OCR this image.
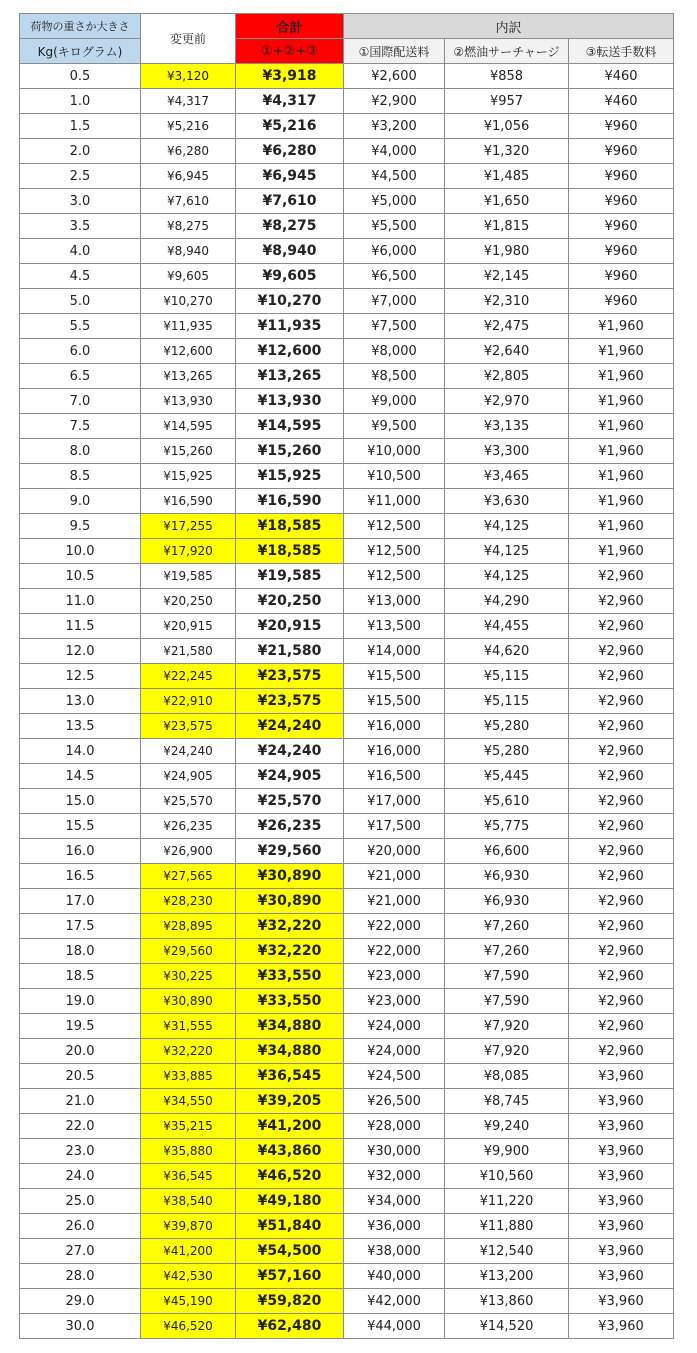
荷物の重さか大きさ	変更前	合計	内訳		
Kg(キログラム)		①+②+③	①国際配送料	②燃油サーチャージ	③転送手数料
0.5	¥3,120	¥3,918	¥2,600	¥858	¥460
1.0	¥4,317	¥4,317	¥2,900	¥957	¥460
1.5	¥5,216	¥5,216	¥3,200	¥1,056	¥960
2.0	¥6,280	¥6,280	¥4,000	¥1,320	¥960
2.5	¥6,945	¥6,945	¥4,500	¥1,485	¥960
3.0	¥7,610	¥7,610	¥5,000	¥1,650	¥960
3.5	¥8,275	¥8,275	¥5,500	¥1,815	¥960
4.0	¥8,940	¥8,940	¥6,000	¥1,980	¥960
4.5	¥9,605	¥9,605	¥6,500	¥2,145	¥960
5.0	¥10,270	¥10,270	¥7,000	¥2,310	¥960
5.5	¥11,935	¥11,935	¥7,500	¥2,475	¥1,960
6.0	¥12,600	¥12,600	¥8,000	¥2,640	¥1,960
6.5	¥13,265	¥13,265	¥8,500	¥2,805	¥1,960
7.0	¥13,930	¥13,930	¥9,000	¥2,970	¥1,960
7.5	¥14,595	¥14,595	¥9,500	¥3,135	¥1,960
8.0	¥15,260	¥15,260	¥10,000	¥3,300	¥1,960
8.5	¥15,925	¥15,925	¥10,500	¥3,465	¥1,960
9.0	¥16,590	¥16,590	¥11,000	¥3,630	¥1,960
9.5	¥17,255	¥18,585	¥12,500	¥4,125	¥1,960
10.0	¥17,920	¥18,585	¥12,500	¥4,125	¥1,960
10.5	¥19,585	¥19,585	¥12,500	¥4,125	¥2,960
11.0	¥20,250	¥20,250	¥13,000	¥4,290	¥2,960
11.5	¥20,915	¥20,915	¥13,500	¥4,455	¥2,960
12.0	¥21,580	¥21,580	¥14,000	¥4,620	¥2,960
12.5	¥22,245	¥23,575	¥15,500	¥5,115	¥2,960
13.0	¥22,910	¥23,575	¥15,500	¥5,115	¥2,960
13.5	¥23,575	¥24,240	¥16,000	¥5,280	¥2,960
14.0	¥24,240	¥24,240	¥16,000	¥5,280	¥2,960
14.5	¥24,905	¥24,905	¥16,500	¥5,445	¥2,960
15.0	¥25,570	¥25,570	¥17,000	¥5,610	¥2,960
15.5	¥26,235	¥26,235	¥17,500	¥5,775	¥2,960
16.0	¥26,900	¥29,560	¥20,000	¥6,600	¥2,960
16.5	¥27,565	¥30,890	¥21,000	¥6,930	¥2,960
17.0	¥28,230	¥30,890	¥21,000	¥6,930	¥2,960
17.5	¥28,895	¥32,220	¥22,000	¥7,260	¥2,960
18.0	¥29,560	¥32,220	¥22,000	¥7,260	¥2,960
18.5	¥30,225	¥33,550	¥23,000	¥7,590	¥2,960
19.0	¥30,890	¥33,550	¥23,000	¥7,590	¥2,960
19.5	¥31,555	¥34,880	¥24,000	¥7,920	¥2,960
20.0	¥32,220	¥34,880	¥24,000	¥7,920	¥2,960
20.5	¥33,885	¥36,545	¥24,500	¥8,085	¥3,960
21.0	¥34,550	¥39,205	¥26,500	¥8,745	¥3,960
22.0	¥35,215	¥41,200	¥28,000	¥9,240	¥3,960
23.0	¥35,880	¥43,860	¥30,000	¥9,900	¥3,960
24.0	¥36,545	¥46,520	¥32,000	¥10,560	¥3,960
25.0	¥38,540	¥49,180	¥34,000	¥11,220	¥3,960
26.0	¥39,870	¥51,840	¥36,000	¥11,880	¥3,960
27.0	¥41,200	¥54,500	¥38,000	¥12,540	¥3,960
28.0	¥42,530	¥57,160	¥40,000	¥13,200	¥3,960
29.0	¥45,190	¥59,820	¥42,000	¥13,860	¥3,960
30.0	¥46,520	¥62,480	¥44,000	¥14,520	¥3,960
